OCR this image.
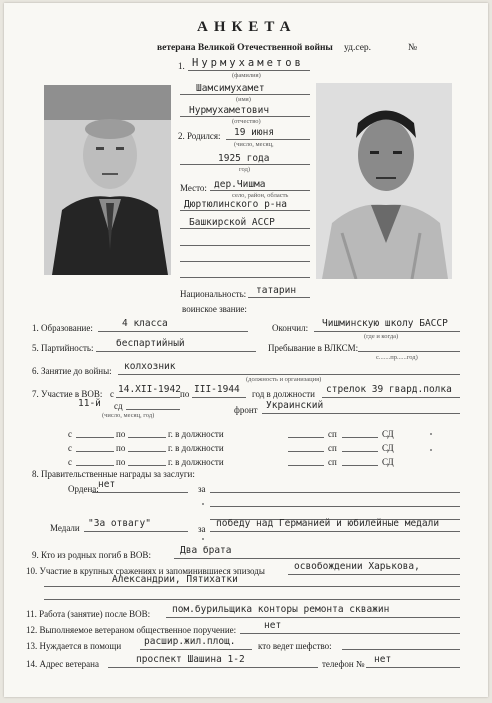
АНКЕТА
ветерана Великой Отечественной войны уд.сер.	№
1. Нурмухаметов
(фамилия)
Шамсимухамет
(имя)
Нурмухаметович
(отчество)
2. Родился: 19 июня
(число, месяц,
1925 года
год)
Место: дер.Чишма
село, район, область
Дюртюлинского р-на
Башкирской АССР
Национальность: татарин
воинское звание:
1. Образование:	4 класса	Окончил: Чишминскую школу БАССР
(где и когда)
5. Партийность: беспартийный	Пребывание в ВЛКСМ:
с.......пр......год)
6. Занятие до войны: колхозник
(должность и организация)
7. Участие в ВОВ: с 14.XII-1942 по III-1944 год в должности стрелок 39 гвард.полка
11-й сд
(число, месяц, год)
фронт Украинский
с	по	г. в должности	сп	СД
с	по	г. в должности	сп	СД
с	по	г. в должности	сп	СД
8. Правительственные награды за заслуги:
Ордена: нет	за
Медали "За отвагу"	за победу над Германией и юбилейные медали
9. Кто из родных погиб в ВОВ:	Два брата
10. Участие в крупных сражениях и запоминившиеся эпизоды	освобождении Харькова,
Александрии, Пятихатки
11. Работа (занятие) после ВОВ: пом.бурильщика конторы ремонта скважин
12. Выполняемое ветераном общественное поручение:	нет
13. Нуждается в помощи расшир.жил.площ. кто ведет шефство:
14. Адрес ветерана	проспект Шашина 1-2	телефон № нет
